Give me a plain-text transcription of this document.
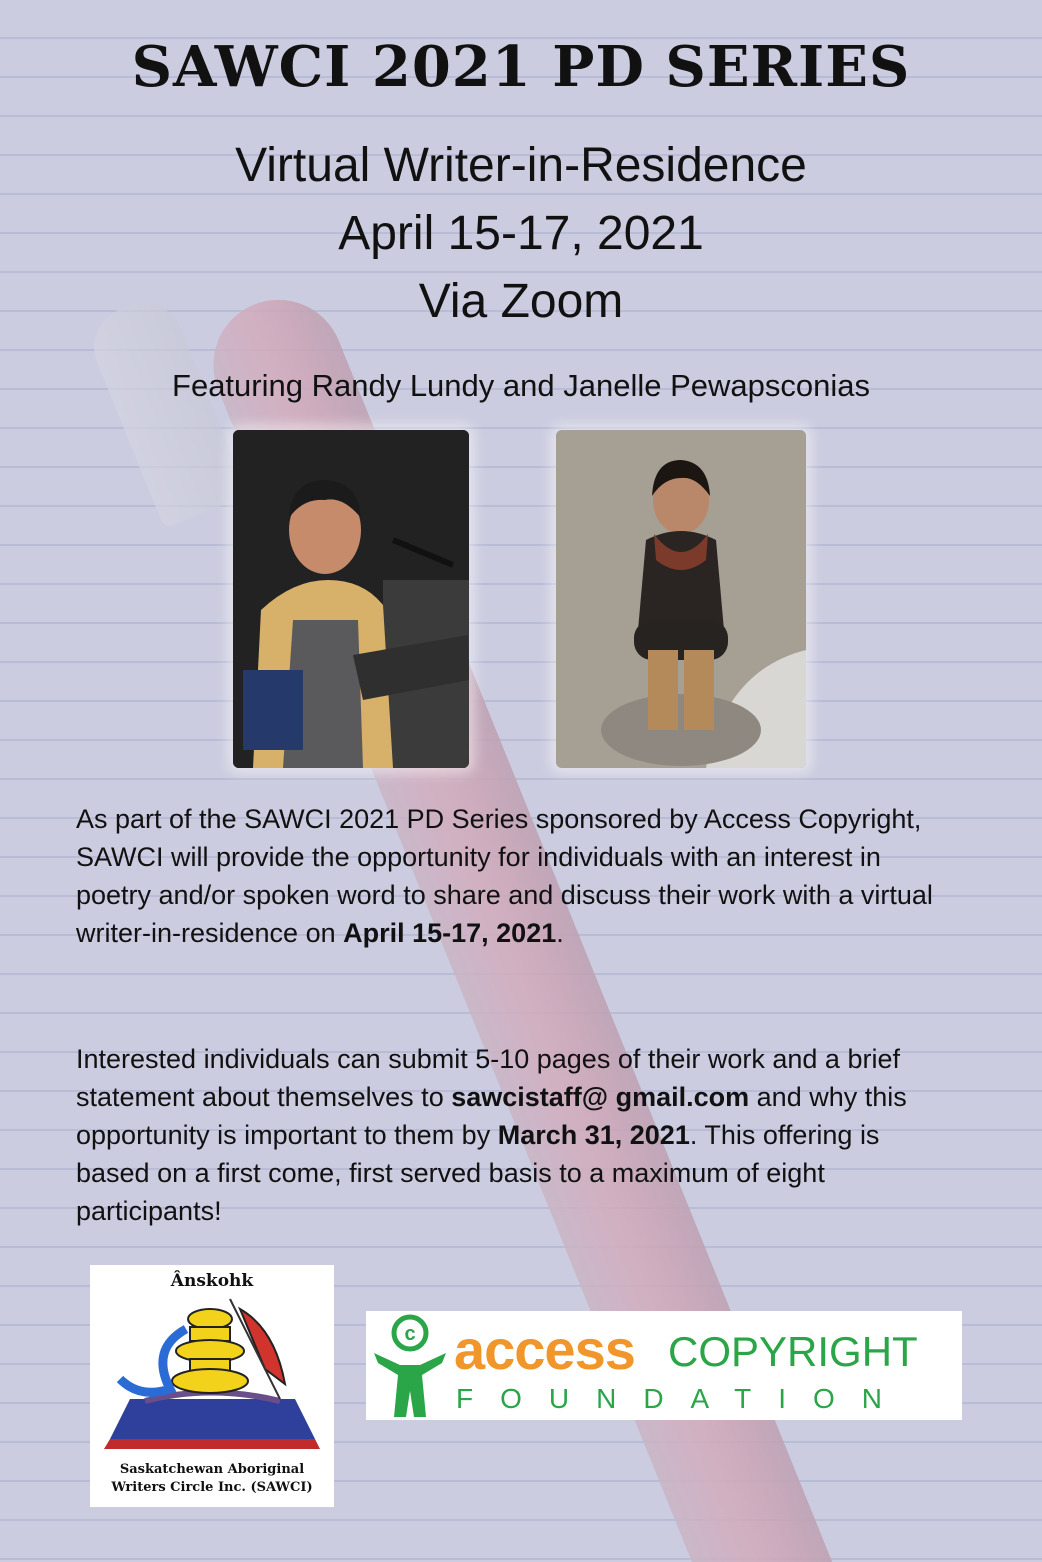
SAWCI 2021 PD SERIES

Virtual Writer-in-Residence

April 15-17, 2021

Via Zoom

Featuring Randy Lundy and Janelle Pewapsconias

As part of the SAWCI 2021 PD Series sponsored by Access Copyright, SAWCI will provide the opportunity for individuals with an interest in poetry and/or spoken word to share and discuss their work with a virtual writer-in-residence on April 15-17, 2021.

Interested individuals can submit 5-10 pages of their work and a brief statement about themselves to sawcistaff@ gmail.com and why this opportunity is important to them by March 31, 2021. This offering is based on a first come, first served basis to a maximum of eight participants!

Ânskohk
Saskatchewan Aboriginal
Writers Circle Inc. (SAWCI)
c access COPYRIGHT
FOUNDATION
